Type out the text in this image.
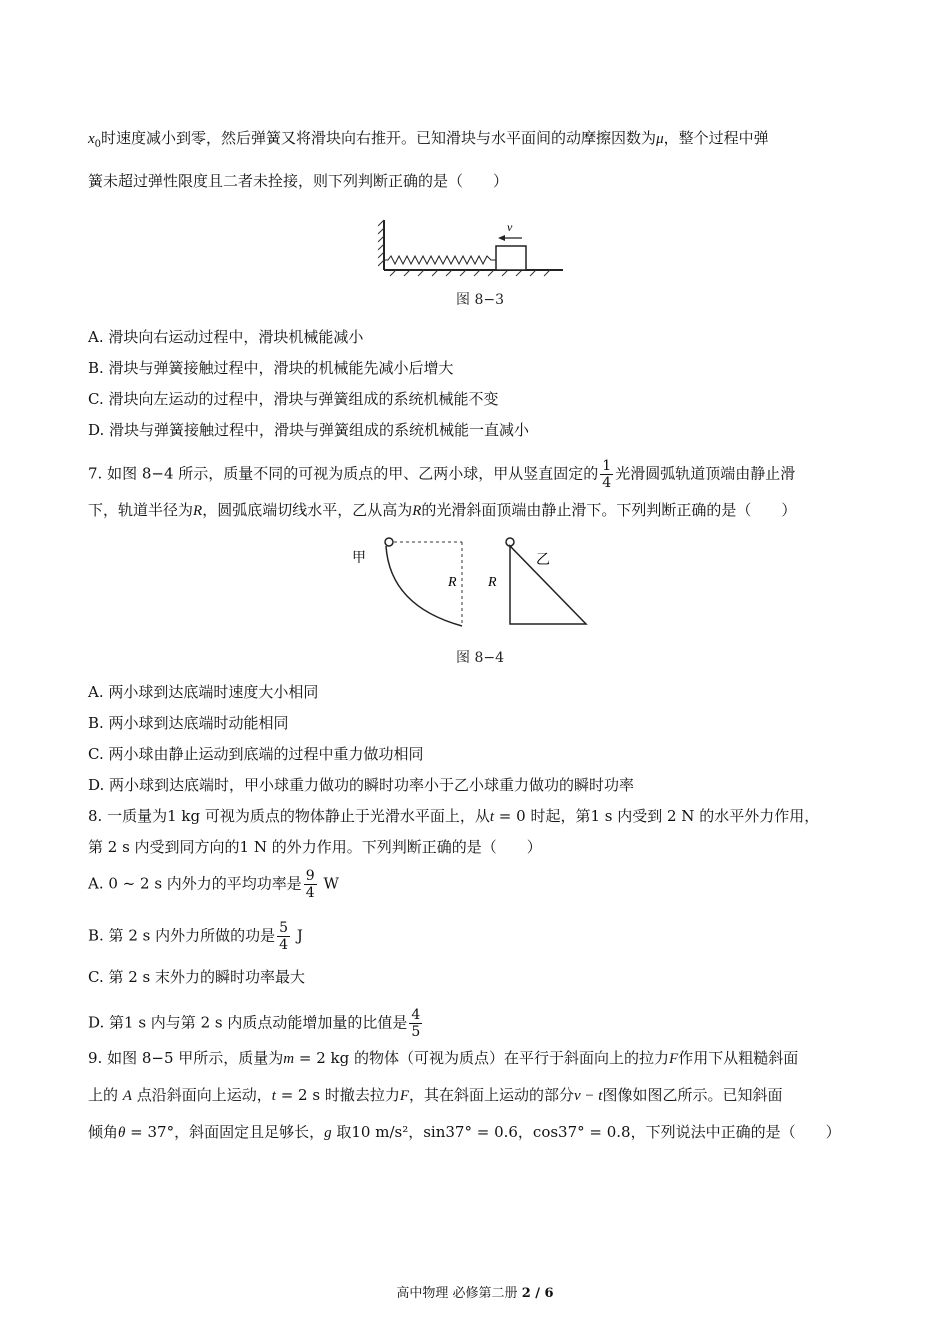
$x_0$时速度减小到零，然后弹簧又将滑块向右推开。已知滑块与水平面间的动摩擦因数为μ，整个过程中弹
簧未超过弹性限度且二者未拴接，则下列判断正确的是（　　）
v
图 8−3
A. 滑块向右运动过程中，滑块机械能减小
B. 滑块与弹簧接触过程中，滑块的机械能先减小后增大
C. 滑块向左运动的过程中，滑块与弹簧组成的系统机械能不变
D. 滑块与弹簧接触过程中，滑块与弹簧组成的系统机械能一直减小
7. 如图 8−4 所示，质量不同的可视为质点的甲、乙两小球，甲从竖直固定的 $\frac{1}{4}$ 光滑圆弧轨道顶端由静止滑
下，轨道半径为R，圆弧底端切线水平，乙从高为R的光滑斜面顶端由静止滑下。下列判断正确的是（　　）
甲
R R
乙
图 8−4
A. 两小球到达底端时速度大小相同
B. 两小球到达底端时动能相同
C. 两小球由静止运动到底端的过程中重力做功相同
D. 两小球到达底端时，甲小球重力做功的瞬时功率小于乙小球重力做功的瞬时功率
8. 一质量为1 kg 可视为质点的物体静止于光滑水平面上，从t = 0 时起，第1 s 内受到 2 N 的水平外力作用，
第 2 s 内受到同方向的1 N 的外力作用。下列判断正确的是（　　）
A. 0 ~ 2 s 内外力的平均功率是 $\frac{9}{4}$ W
B. 第 2 s 内外力所做的功是 $\frac{5}{4}$ J
C. 第 2 s 末外力的瞬时功率最大
D. 第1 s 内与第 2 s 内质点动能增加量的比值是 $\frac{4}{5}$
9. 如图 8−5 甲所示，质量为m = 2 kg 的物体（可视为质点）在平行于斜面向上的拉力F作用下从粗糙斜面
上的 A 点沿斜面向上运动，t = 2 s 时撤去拉力F，其在斜面上运动的部分v − t图像如图乙所示。已知斜面
倾角θ = 37°，斜面固定且足够长，g 取10 m/s²，sin37° = 0.6，cos37° = 0.8，下列说法中正确的是（　　）
高中物理 必修第二册 2 / 6
